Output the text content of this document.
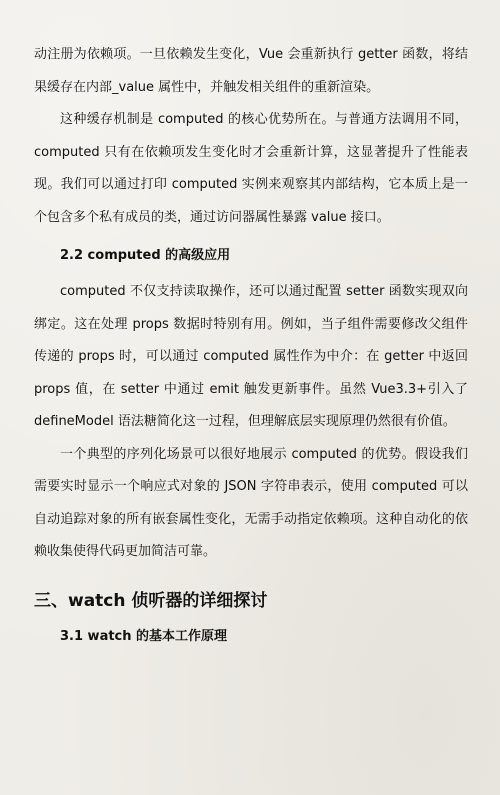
动注册为依赖项。一旦依赖发生变化，Vue 会重新执行 getter 函数，将结果缓存在内部_value 属性中，并触发相关组件的重新渲染。

这种缓存机制是 computed 的核心优势所在。与普通方法调用不同，computed 只有在依赖项发生变化时才会重新计算，这显著提升了性能表现。我们可以通过打印 computed 实例来观察其内部结构，它本质上是一个包含多个私有成员的类，通过访问器属性暴露 value 接口。

2.2 computed 的高级应用

computed 不仅支持读取操作，还可以通过配置 setter 函数实现双向绑定。这在处理 props 数据时特别有用。例如，当子组件需要修改父组件传递的 props 时，可以通过 computed 属性作为中介：在 getter 中返回 props 值，在 setter 中通过 emit 触发更新事件。虽然 Vue3.3+引入了 defineModel 语法糖简化这一过程，但理解底层实现原理仍然很有价值。

一个典型的序列化场景可以很好地展示 computed 的优势。假设我们需要实时显示一个响应式对象的 JSON 字符串表示，使用 computed 可以自动追踪对象的所有嵌套属性变化，无需手动指定依赖项。这种自动化的依赖收集使得代码更加简洁可靠。

三、watch 侦听器的详细探讨

3.1 watch 的基本工作原理
